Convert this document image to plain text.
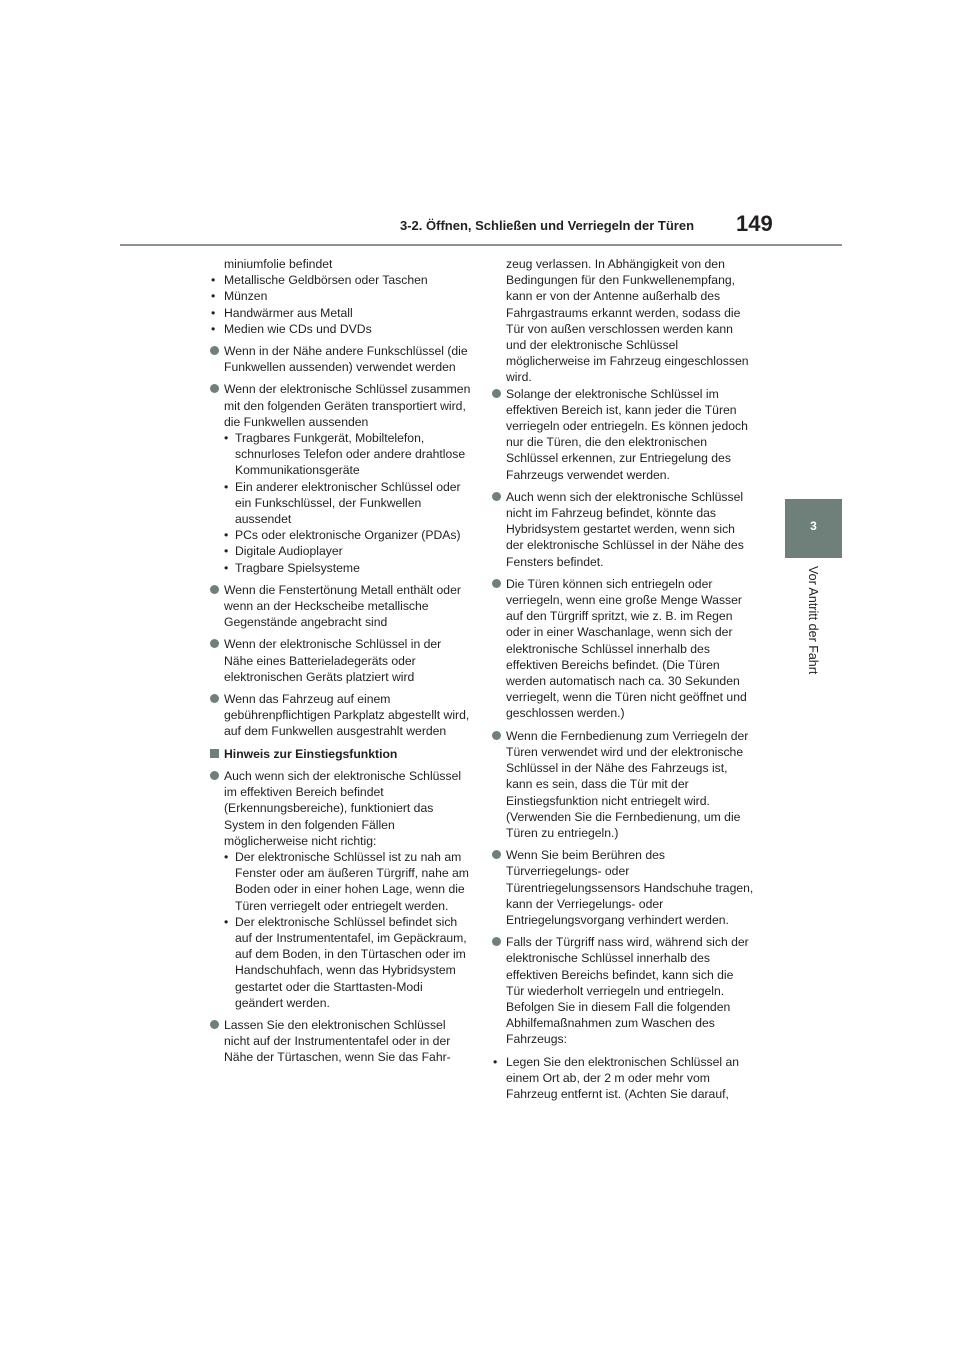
3-2. Öffnen, Schließen und Verriegeln der Türen	149
3
Vor Antritt der Fahrt
miniumfolie befindet
• Metallische Geldbörsen oder Taschen
• Münzen
• Handwärmer aus Metall
• Medien wie CDs und DVDs
Wenn in der Nähe andere Funkschlüssel (die Funkwellen aussenden) verwendet werden
Wenn der elektronische Schlüssel zusammen mit den folgenden Geräten transportiert wird, die Funkwellen aussenden
• Tragbares Funkgerät, Mobiltelefon, schnurloses Telefon oder andere drahtlose Kommunikationsgeräte
• Ein anderer elektronischer Schlüssel oder ein Funkschlüssel, der Funkwellen aussendet
• PCs oder elektronische Organizer (PDAs)
• Digitale Audioplayer
• Tragbare Spielsysteme
Wenn die Fenstertönung Metall enthält oder wenn an der Heckscheibe metallische Gegenstände angebracht sind
Wenn der elektronische Schlüssel in der Nähe eines Batterieladegeräts oder elektronischen Geräts platziert wird
Wenn das Fahrzeug auf einem gebührenpflichtigen Parkplatz abgestellt wird, auf dem Funkwellen ausgestrahlt werden
Hinweis zur Einstiegsfunktion
Auch wenn sich der elektronische Schlüssel im effektiven Bereich befindet (Erkennungsbereiche), funktioniert das System in den folgenden Fällen möglicherweise nicht richtig:
• Der elektronische Schlüssel ist zu nah am Fenster oder am äußeren Türgriff, nahe am Boden oder in einer hohen Lage, wenn die Türen verriegelt oder entriegelt werden.
• Der elektronische Schlüssel befindet sich auf der Instrumententafel, im Gepäckraum, auf dem Boden, in den Türtaschen oder im Handschuhfach, wenn das Hybridsystem gestartet oder die Starttasten-Modi geändert werden.
Lassen Sie den elektronischen Schlüssel nicht auf der Instrumententafel oder in der Nähe der Türtaschen, wenn Sie das Fahr-
zeug verlassen. In Abhängigkeit von den Bedingungen für den Funkwellenempfang, kann er von der Antenne außerhalb des Fahrgastraums erkannt werden, sodass die Tür von außen verschlossen werden kann und der elektronische Schlüssel möglicherweise im Fahrzeug eingeschlossen wird.
Solange der elektronische Schlüssel im effektiven Bereich ist, kann jeder die Türen verriegeln oder entriegeln. Es können jedoch nur die Türen, die den elektronischen Schlüssel erkennen, zur Entriegelung des Fahrzeugs verwendet werden.
Auch wenn sich der elektronische Schlüssel nicht im Fahrzeug befindet, könnte das Hybridsystem gestartet werden, wenn sich der elektronische Schlüssel in der Nähe des Fensters befindet.
Die Türen können sich entriegeln oder verriegeln, wenn eine große Menge Wasser auf den Türgriff spritzt, wie z. B. im Regen oder in einer Waschanlage, wenn sich der elektronische Schlüssel innerhalb des effektiven Bereichs befindet. (Die Türen werden automatisch nach ca. 30 Sekunden verriegelt, wenn die Türen nicht geöffnet und geschlossen werden.)
Wenn die Fernbedienung zum Verriegeln der Türen verwendet wird und der elektronische Schlüssel in der Nähe des Fahrzeugs ist, kann es sein, dass die Tür mit der Einstiegsfunktion nicht entriegelt wird. (Verwenden Sie die Fernbedienung, um die Türen zu entriegeln.)
Wenn Sie beim Berühren des Türverriegelungs- oder Türentriegelungssensors Handschuhe tragen, kann der Verriegelungs- oder Entriegelungsvorgang verhindert werden.
Falls der Türgriff nass wird, während sich der elektronische Schlüssel innerhalb des effektiven Bereichs befindet, kann sich die Tür wiederholt verriegeln und entriegeln. Befolgen Sie in diesem Fall die folgenden Abhilfemaßnahmen zum Waschen des Fahrzeugs:
• Legen Sie den elektronischen Schlüssel an einem Ort ab, der 2 m oder mehr vom Fahrzeug entfernt ist. (Achten Sie darauf,
